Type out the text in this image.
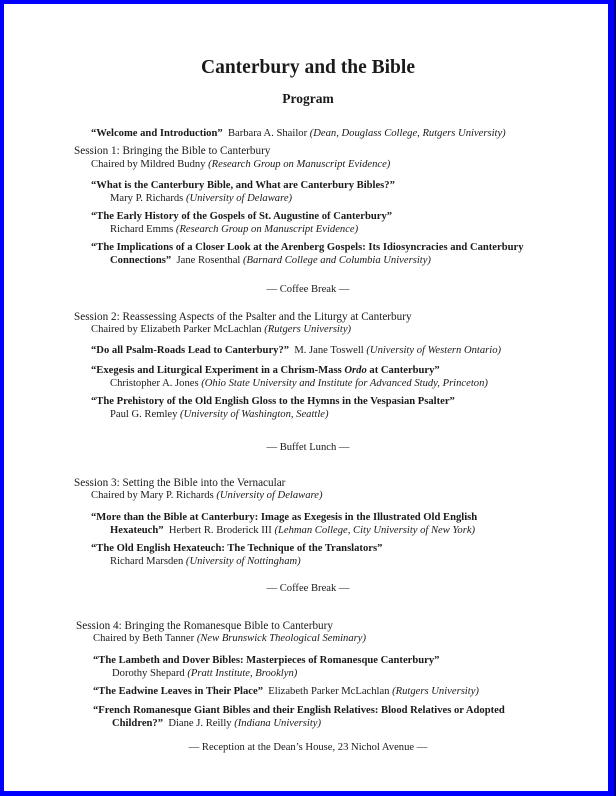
Canterbury and the Bible
Program
“Welcome and Introduction” Barbara A. Shailor (Dean, Douglass College, Rutgers University)
Session 1: Bringing the Bible to Canterbury
Chaired by Mildred Budny (Research Group on Manuscript Evidence)
“What is the Canterbury Bible, and What are Canterbury Bibles?”
Mary P. Richards (University of Delaware)
“The Early History of the Gospels of St. Augustine of Canterbury”
Richard Emms (Research Group on Manuscript Evidence)
“The Implications of a Closer Look at the Arenberg Gospels: Its Idiosyncracies and Canterbury
Connections” Jane Rosenthal (Barnard College and Columbia University)
— Coffee Break —
Session 2: Reassessing Aspects of the Psalter and the Liturgy at Canterbury
Chaired by Elizabeth Parker McLachlan (Rutgers University)
“Do all Psalm-Roads Lead to Canterbury?” M. Jane Toswell (University of Western Ontario)
“Exegesis and Liturgical Experiment in a Chrism-Mass Ordo at Canterbury”
Christopher A. Jones (Ohio State University and Institute for Advanced Study, Princeton)
“The Prehistory of the Old English Gloss to the Hymns in the Vespasian Psalter”
Paul G. Remley (University of Washington, Seattle)
— Buffet Lunch —
Session 3: Setting the Bible into the Vernacular
Chaired by Mary P. Richards (University of Delaware)
“More than the Bible at Canterbury: Image as Exegesis in the Illustrated Old English
Hexateuch” Herbert R. Broderick III (Lehman College, City University of New York)
“The Old English Hexateuch: The Technique of the Translators”
Richard Marsden (University of Nottingham)
— Coffee Break —
Session 4: Bringing the Romanesque Bible to Canterbury
Chaired by Beth Tanner (New Brunswick Theological Seminary)
“The Lambeth and Dover Bibles: Masterpieces of Romanesque Canterbury”
Dorothy Shepard (Pratt Institute, Brooklyn)
“The Eadwine Leaves in Their Place” Elizabeth Parker McLachlan (Rutgers University)
“French Romanesque Giant Bibles and their English Relatives: Blood Relatives or Adopted
Children?” Diane J. Reilly (Indiana University)
— Reception at the Dean’s House, 23 Nichol Avenue —
